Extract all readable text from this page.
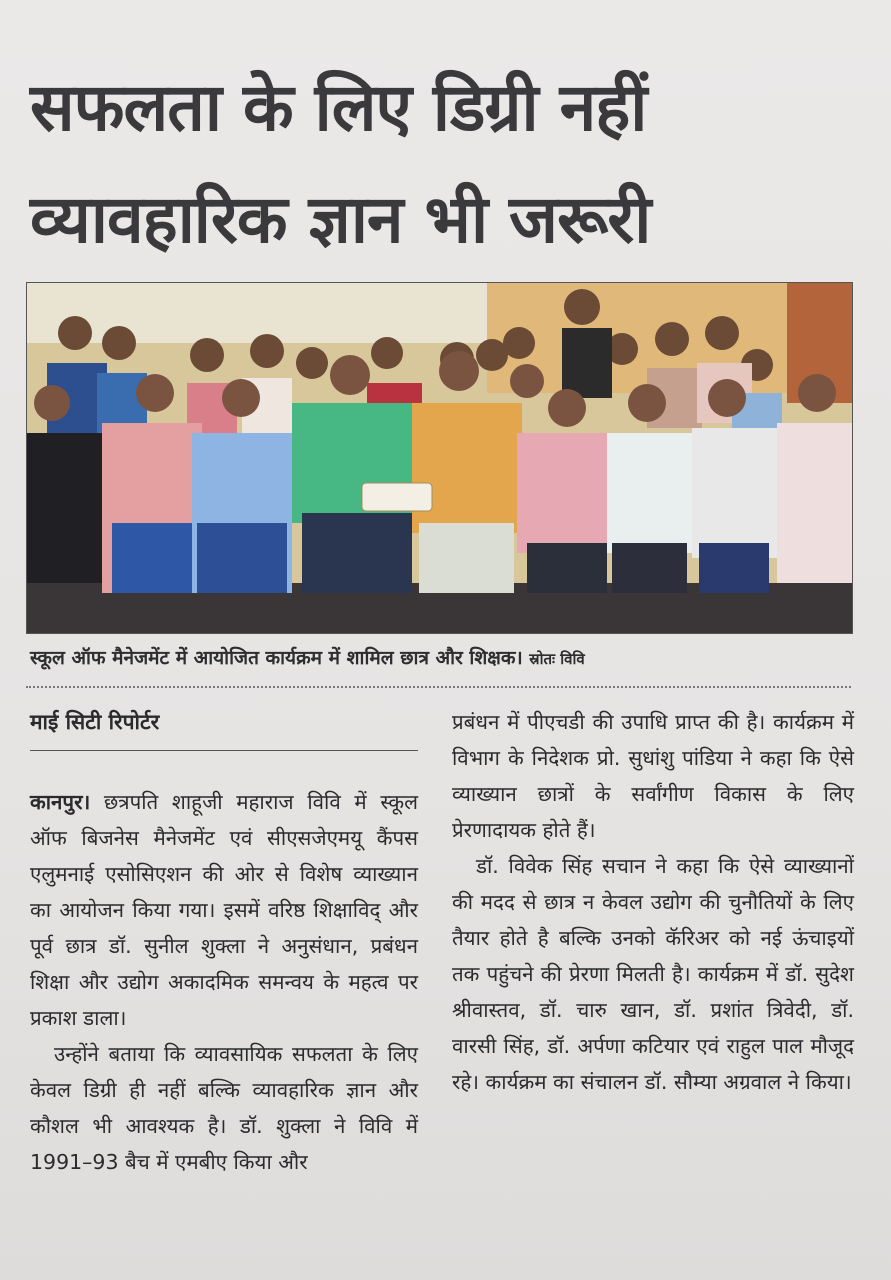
सफलता के लिए डिग्री नहीं
व्यावहारिक ज्ञान भी जरूरी
स्कूल ऑफ मैनेजमेंट में आयोजित कार्यक्रम में शामिल छात्र और शिक्षक। स्रोतः विवि
माई सिटी रिपोर्टर

कानपुर। छत्रपति शाहूजी महाराज विवि में स्कूल ऑफ बिजनेस मैनेजमेंट एवं सीएसजेएमयू कैंपस एलुमनाई एसोसिएशन की ओर से विशेष व्याख्यान का आयोजन किया गया। इसमें वरिष्ठ शिक्षाविद् और पूर्व छात्र डॉ. सुनील शुक्ला ने अनुसंधान, प्रबंधन शिक्षा और उद्योग अकादमिक समन्वय के महत्व पर प्रकाश डाला।

उन्होंने बताया कि व्यावसायिक सफलता के लिए केवल डिग्री ही नहीं बल्कि व्यावहारिक ज्ञान और कौशल भी आवश्यक है। डॉ. शुक्ला ने विवि में 1991–93 बैच में एमबीए किया और

प्रबंधन में पीएचडी की उपाधि प्राप्त की है। कार्यक्रम में विभाग के निदेशक प्रो. सुधांशु पांडिया ने कहा कि ऐसे व्याख्यान छात्रों के सर्वांगीण विकास के लिए प्रेरणादायक होते हैं।

डॉ. विवेक सिंह सचान ने कहा कि ऐसे व्याख्यानों की मदद से छात्र न केवल उद्योग की चुनौतियों के लिए तैयार होते है बल्कि उनको कॅरिअर को नई ऊंचाइयों तक पहुंचने की प्रेरणा मिलती है। कार्यक्रम में डॉ. सुदेश श्रीवास्तव, डॉ. चारु खान, डॉ. प्रशांत त्रिवेदी, डॉ. वारसी सिंह, डॉ. अर्पणा कटियार एवं राहुल पाल मौजूद रहे। कार्यक्रम का संचालन डॉ. सौम्या अग्रवाल ने किया।
